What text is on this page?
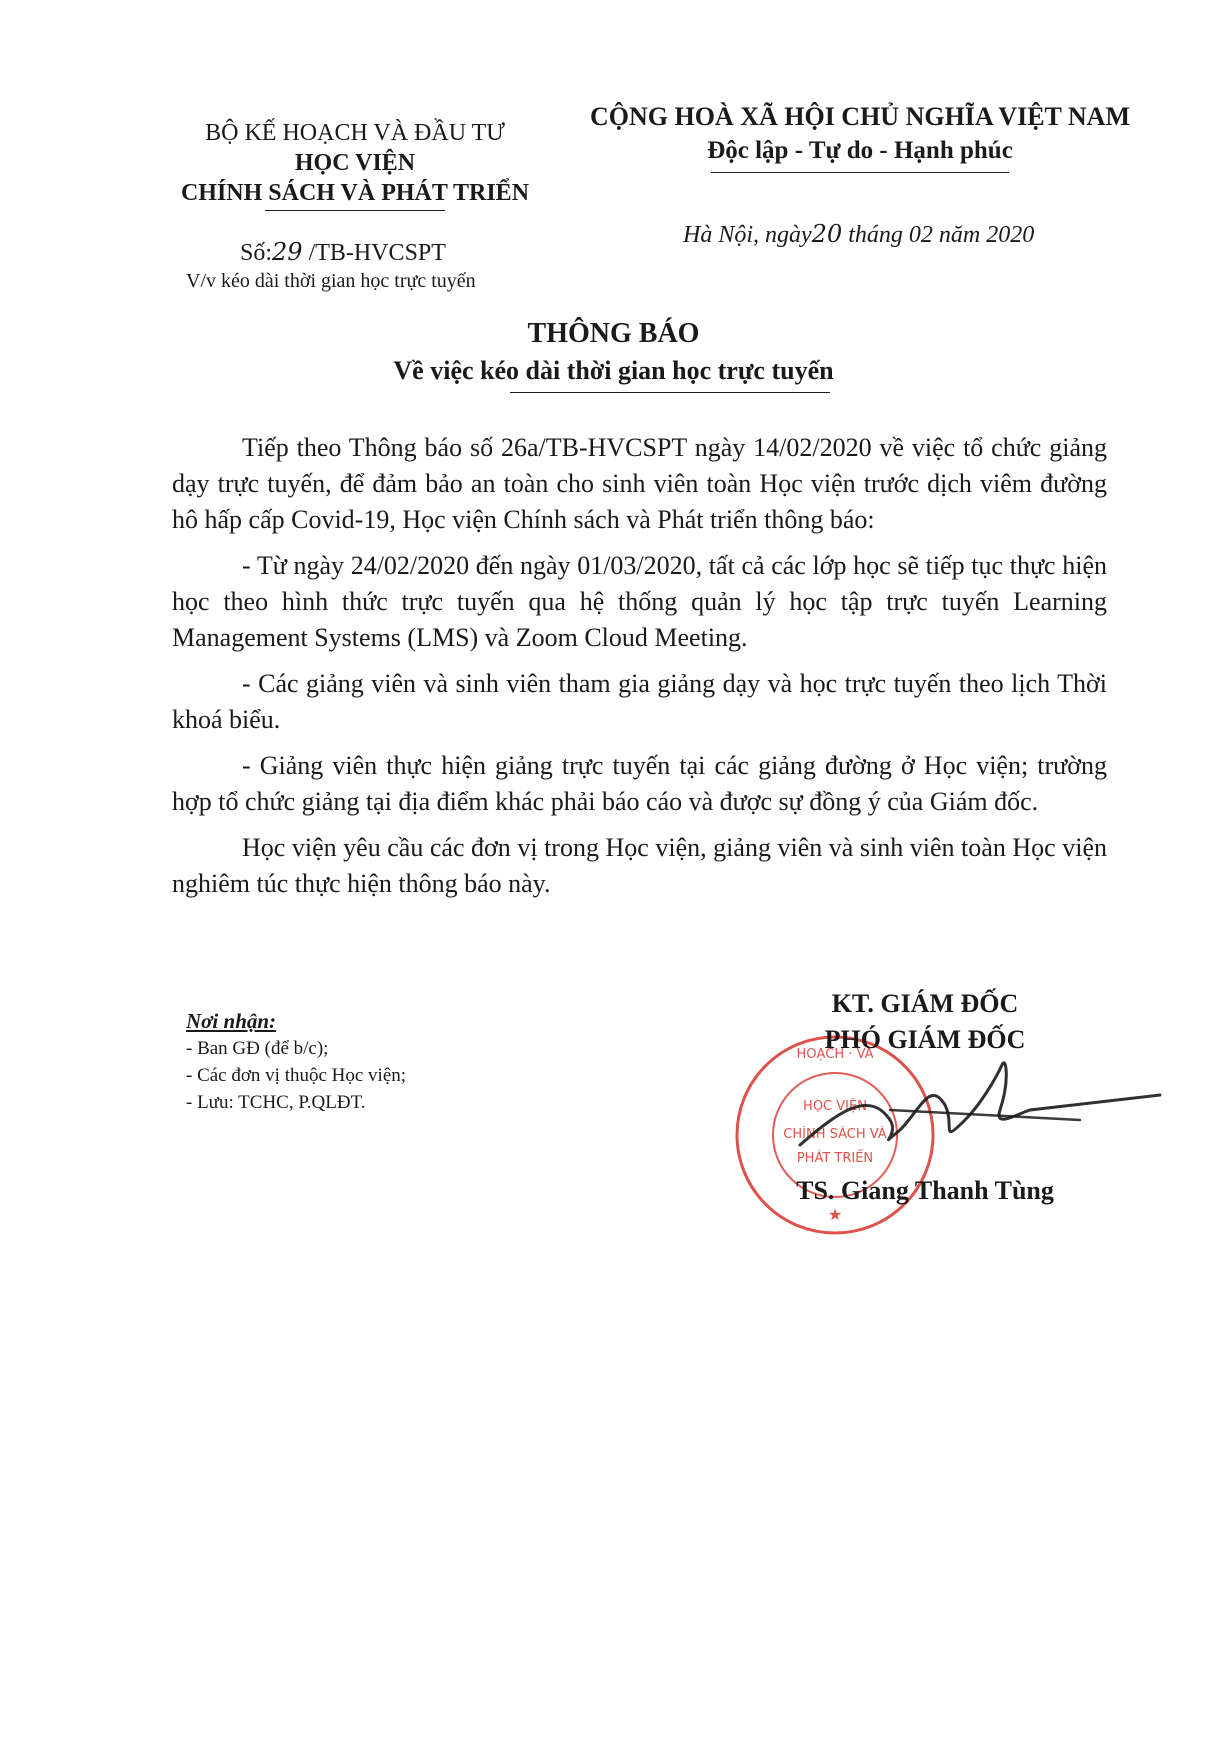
BỘ KẾ HOẠCH VÀ ĐẦU TƯ
HỌC VIỆN
CHÍNH SÁCH VÀ PHÁT TRIỂN
Số:29 /TB-HVCSPT
V/v kéo dài thời gian học trực tuyến
CỘNG HOÀ XÃ HỘI CHỦ NGHĨA VIỆT NAM
Độc lập - Tự do - Hạnh phúc
Hà Nội, ngày20 tháng 02 năm 2020
THÔNG BÁO
Về việc kéo dài thời gian học trực tuyến

Tiếp theo Thông báo số 26a/TB-HVCSPT ngày 14/02/2020 về việc tổ chức giảng dạy trực tuyến, để đảm bảo an toàn cho sinh viên toàn Học viện trước dịch viêm đường hô hấp cấp Covid-19, Học viện Chính sách và Phát triển thông báo:

- Từ ngày 24/02/2020 đến ngày 01/03/2020, tất cả các lớp học sẽ tiếp tục thực hiện học theo hình thức trực tuyến qua hệ thống quản lý học tập trực tuyến Learning Management Systems (LMS) và Zoom Cloud Meeting.

- Các giảng viên và sinh viên tham gia giảng dạy và học trực tuyến theo lịch Thời khoá biểu.

- Giảng viên thực hiện giảng trực tuyến tại các giảng đường ở Học viện; trường hợp tổ chức giảng tại địa điểm khác phải báo cáo và được sự đồng ý của Giám đốc.

Học viện yêu cầu các đơn vị trong Học viện, giảng viên và sinh viên toàn Học viện nghiêm túc thực hiện thông báo này.

Nơi nhận:
- Ban GĐ (để b/c);
- Các đơn vị thuộc Học viện;
- Lưu: TCHC, P.QLĐT.
HOẠCH · VÀ
HỌC VIỆN
CHÍNH SÁCH VÀ
PHÁT TRIỂN
★
KT. GIÁM ĐỐC
PHÓ GIÁM ĐỐC
TS. Giang Thanh Tùng
